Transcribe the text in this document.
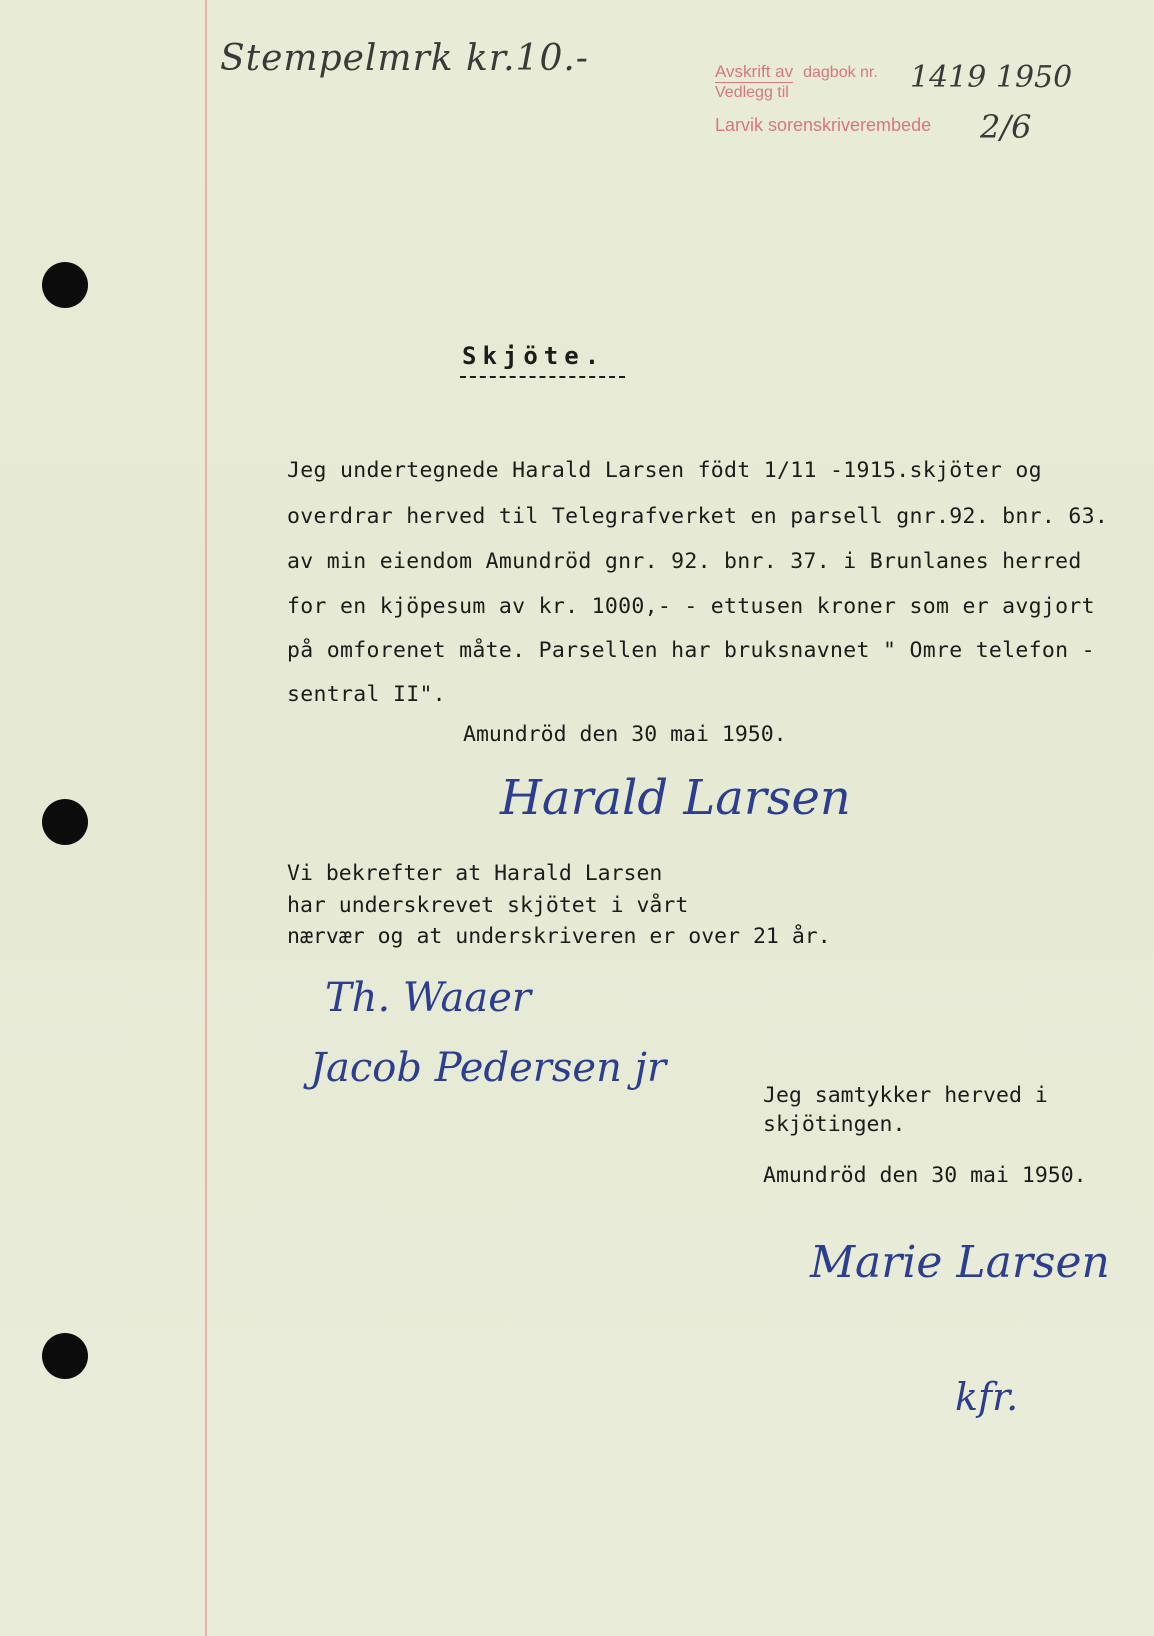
Stempelmrk kr.10.-	Avskrift av dagbok nr.
Vedlegg til
Larvik sorenskriverembede
1419 1950
2/6
Skjöte.
Jeg undertegnede Harald Larsen födt 1/11 -1915.skjöter og
overdrar herved til Telegrafverket en parsell gnr.92. bnr. 63.
av min eiendom Amundröd gnr. 92. bnr. 37. i Brunlanes herred
for en kjöpesum av kr. 1000,- - ettusen kroner som er avgjort
på omforenet måte. Parsellen har bruksnavnet " Omre telefon -
sentral II".
Amundröd den 30 mai 1950.
Harald Larsen
Vi bekrefter at Harald Larsen
har underskrevet skjötet i vårt
nærvær og at underskriveren er over 21 år.
Th. Waaer
Jacob Pedersen jr
Jeg samtykker herved i
skjötingen.
Amundröd den 30 mai 1950.
Marie Larsen
kfr.
